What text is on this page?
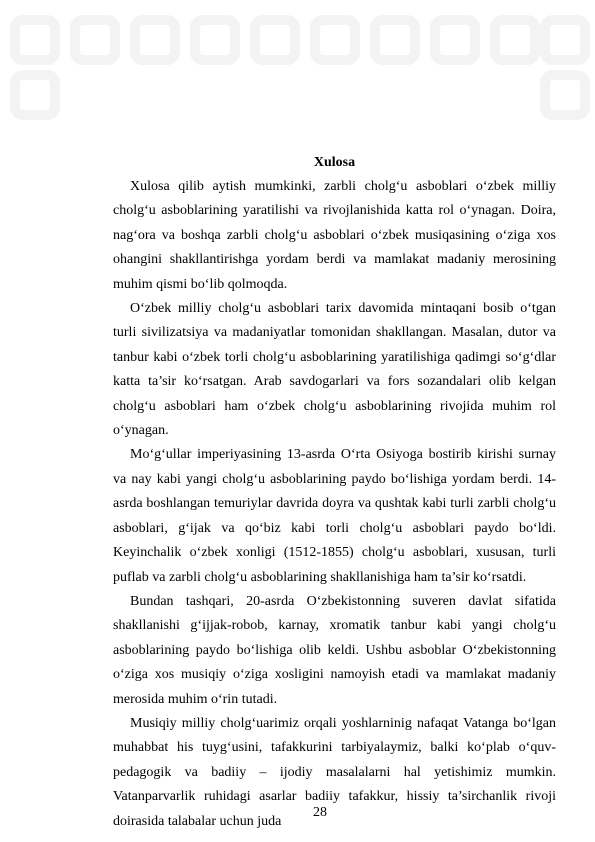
Xulosa

Xulosa qilib aytish mumkinki, zarbli cholg‘u asboblari o‘zbek milliy cholg‘u asboblarining yaratilishi va rivojlanishida katta rol o‘ynagan. Doira, nag‘ora va boshqa zarbli cholg‘u asboblari o‘zbek musiqasining o‘ziga xos ohangini shakllantirishga yordam berdi va mamlakat madaniy merosining muhim qismi bo‘lib qolmoqda.

O‘zbek milliy cholg‘u asboblari tarix davomida mintaqani bosib o‘tgan turli sivilizatsiya va madaniyatlar tomonidan shakllangan. Masalan, dutor va tanbur kabi o‘zbek torli cholg‘u asboblarining yaratilishiga qadimgi so‘g‘dlar katta ta’sir ko‘rsatgan. Arab savdogarlari va fors sozandalari olib kelgan cholg‘u asboblari ham o‘zbek cholg‘u asboblarining rivojida muhim rol o‘ynagan.

Mo‘g‘ullar imperiyasining 13-asrda O‘rta Osiyoga bostirib kirishi surnay va nay kabi yangi cholg‘u asboblarining paydo bo‘lishiga yordam berdi. 14-asrda boshlangan temuriylar davrida doyra va qushtak kabi turli zarbli cholg‘u asboblari, g‘ijak va qo‘biz kabi torli cholg‘u asboblari paydo bo‘ldi. Keyinchalik o‘zbek xonligi (1512-1855) cholg‘u asboblari, xususan, turli puflab va zarbli cholg‘u asboblarining shakllanishiga ham ta’sir ko‘rsatdi.

Bundan tashqari, 20-asrda O‘zbekistonning suveren davlat sifatida shakllanishi g‘ijjak-robob, karnay, xromatik tanbur kabi yangi cholg‘u asboblarining paydo bo‘lishiga olib keldi. Ushbu asboblar O‘zbekistonning o‘ziga xos musiqiy o‘ziga xosligini namoyish etadi va mamlakat madaniy merosida muhim o‘rin tutadi.

Musiqiy milliy cholg‘uarimiz orqali yoshlarninig nafaqat Vatanga bo‘lgan muhabbat his tuyg‘usini, tafakkurini tarbiyalaymiz, balki ko‘plab o‘quv-pedagogik va badiiy – ijodiy masalalarni hal yetishimiz mumkin. Vatanparvarlik ruhidagi asarlar badiiy tafakkur, hissiy ta’sirchanlik rivoji doirasida talabalar uchun juda

28
